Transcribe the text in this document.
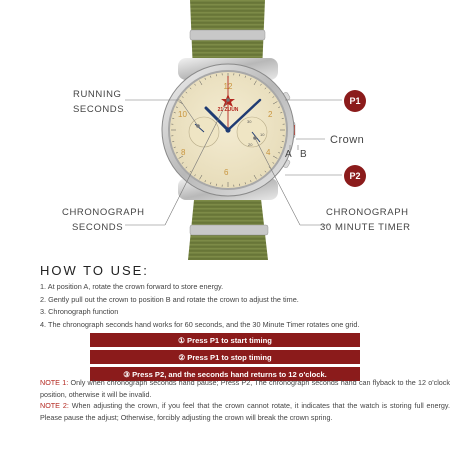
21 ZUUN
12
10	2
4
8
6
30
10
20
RUNNING
SECONDS
CHRONOGRAPH
SECONDS
Crown
CHRONOGRAPH
30 MINUTE TIMER
P1
P2
A B
HOW TO USE:
1. At position A, rotate the crown forward to store energy.
2. Gently pull out the crown to position B and rotate the crown to adjust the time.
3. Chronograph function
4. The chronograph seconds hand works for 60 seconds, and the 30 Minute Timer rotates one grid.
① Press P1 to start timing
② Press P1 to stop timing
③ Press P2, and the seconds hand returns to 12 o'clock.
NOTE 1: Only when chronograph seconds hand pause; Press P2, The chronograph seconds hand can flyback to the 12 o'clock position, otherwise it will be invalid.
NOTE 2: When adjusting the crown, if you feel that the crown cannot rotate, it indicates that the watch is storing full energy. Please pause the adjust; Otherwise, forcibly adjusting the crown will break the crown spring.
